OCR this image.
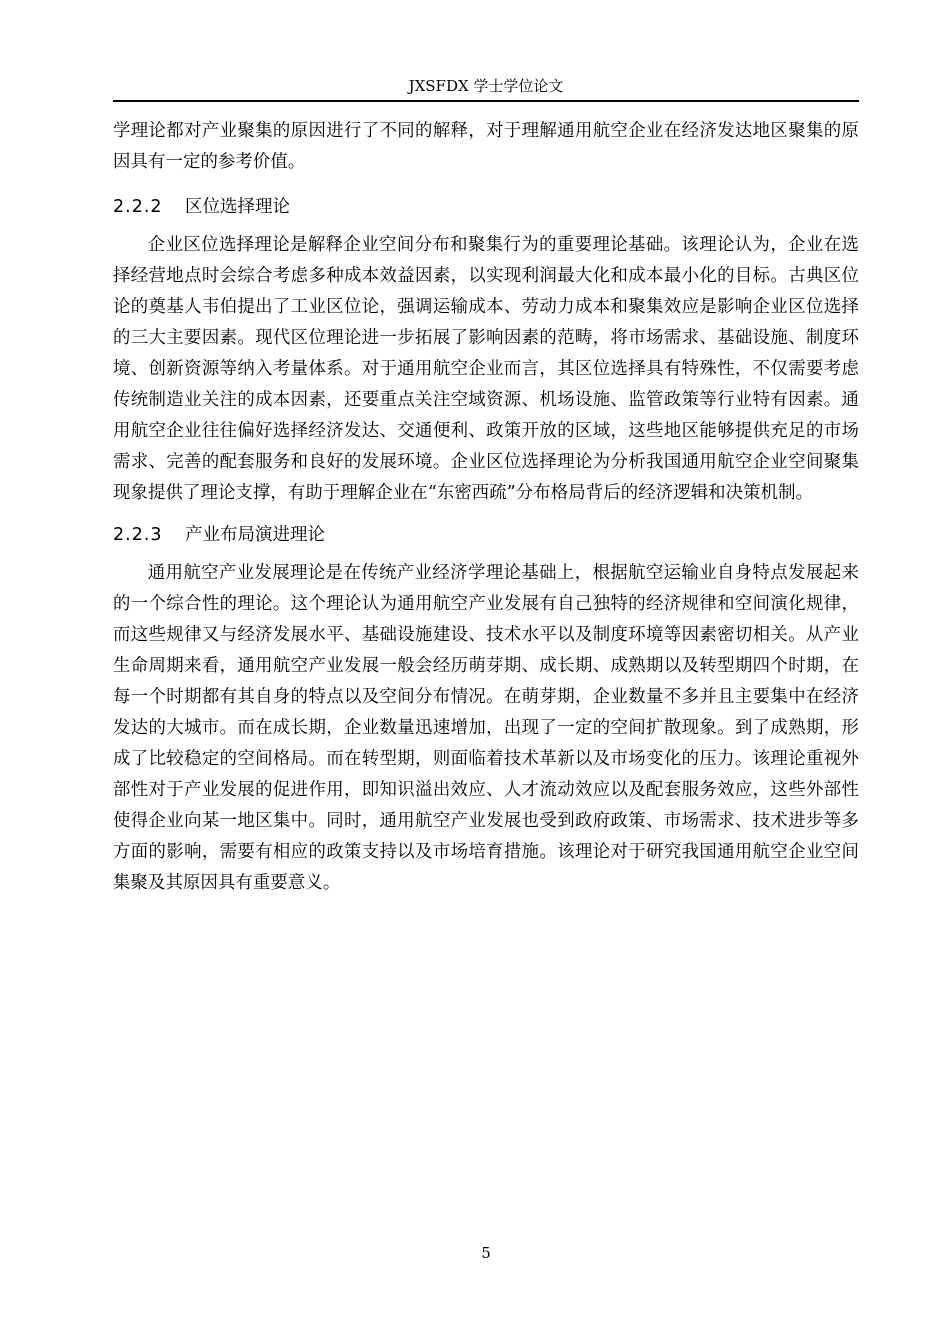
JXSFDX 学士学位论文

学理论都对产业聚集的原因进行了不同的解释，对于理解通用航空企业在经济发达地区聚集的原因具有一定的参考价值。

2.2.2 区位选择理论

企业区位选择理论是解释企业空间分布和聚集行为的重要理论基础。该理论认为，企业在选择经营地点时会综合考虑多种成本效益因素，以实现利润最大化和成本最小化的目标。古典区位论的奠基人韦伯提出了工业区位论，强调运输成本、劳动力成本和聚集效应是影响企业区位选择的三大主要因素。现代区位理论进一步拓展了影响因素的范畴，将市场需求、基础设施、制度环境、创新资源等纳入考量体系。对于通用航空企业而言，其区位选择具有特殊性，不仅需要考虑传统制造业关注的成本因素，还要重点关注空域资源、机场设施、监管政策等行业特有因素。通用航空企业往往偏好选择经济发达、交通便利、政策开放的区域，这些地区能够提供充足的市场需求、完善的配套服务和良好的发展环境。企业区位选择理论为分析我国通用航空企业空间聚集现象提供了理论支撑，有助于理解企业在“东密西疏”分布格局背后的经济逻辑和决策机制。

2.2.3 产业布局演进理论

通用航空产业发展理论是在传统产业经济学理论基础上，根据航空运输业自身特点发展起来的一个综合性的理论。这个理论认为通用航空产业发展有自己独特的经济规律和空间演化规律，而这些规律又与经济发展水平、基础设施建设、技术水平以及制度环境等因素密切相关。从产业生命周期来看，通用航空产业发展一般会经历萌芽期、成长期、成熟期以及转型期四个时期，在每一个时期都有其自身的特点以及空间分布情况。在萌芽期，企业数量不多并且主要集中在经济发达的大城市。而在成长期，企业数量迅速增加，出现了一定的空间扩散现象。到了成熟期，形成了比较稳定的空间格局。而在转型期，则面临着技术革新以及市场变化的压力。该理论重视外部性对于产业发展的促进作用，即知识溢出效应、人才流动效应以及配套服务效应，这些外部性使得企业向某一地区集中。同时，通用航空产业发展也受到政府政策、市场需求、技术进步等多方面的影响，需要有相应的政策支持以及市场培育措施。该理论对于研究我国通用航空企业空间集聚及其原因具有重要意义。

5
